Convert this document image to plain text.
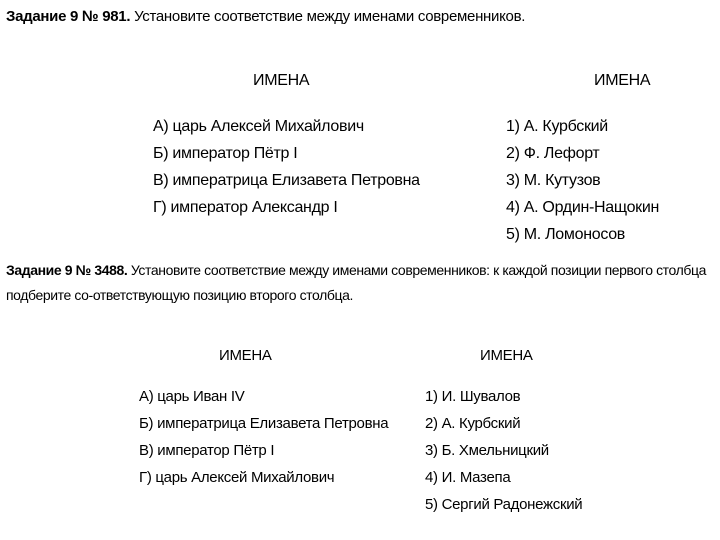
Задание 9 № 981. Установите соответствие между именами современников.
ИМЕНА	ИМЕНА
А) царь Алексей Михайлович
Б) император Пётр I
В) императрица Елизавета Петровна
Г) император Александр I
1) А. Курбский
2) Ф. Лефорт
3) М. Кутузов
4) А. Ордин-Нащокин
5) М. Ломоносов
Задание 9 № 3488. Установите соответствие между именами современников: к каждой позиции первого столбца подберите со-ответствующую позицию второго столбца.
ИМЕНА	ИМЕНА
А) царь Иван IV
Б) императрица Елизавета Петровна
В) император Пётр I
Г) царь Алексей Михайлович
1) И. Шувалов
2) А. Курбский
3) Б. Хмельницкий
4) И. Мазепа
5) Сергий Радонежский
